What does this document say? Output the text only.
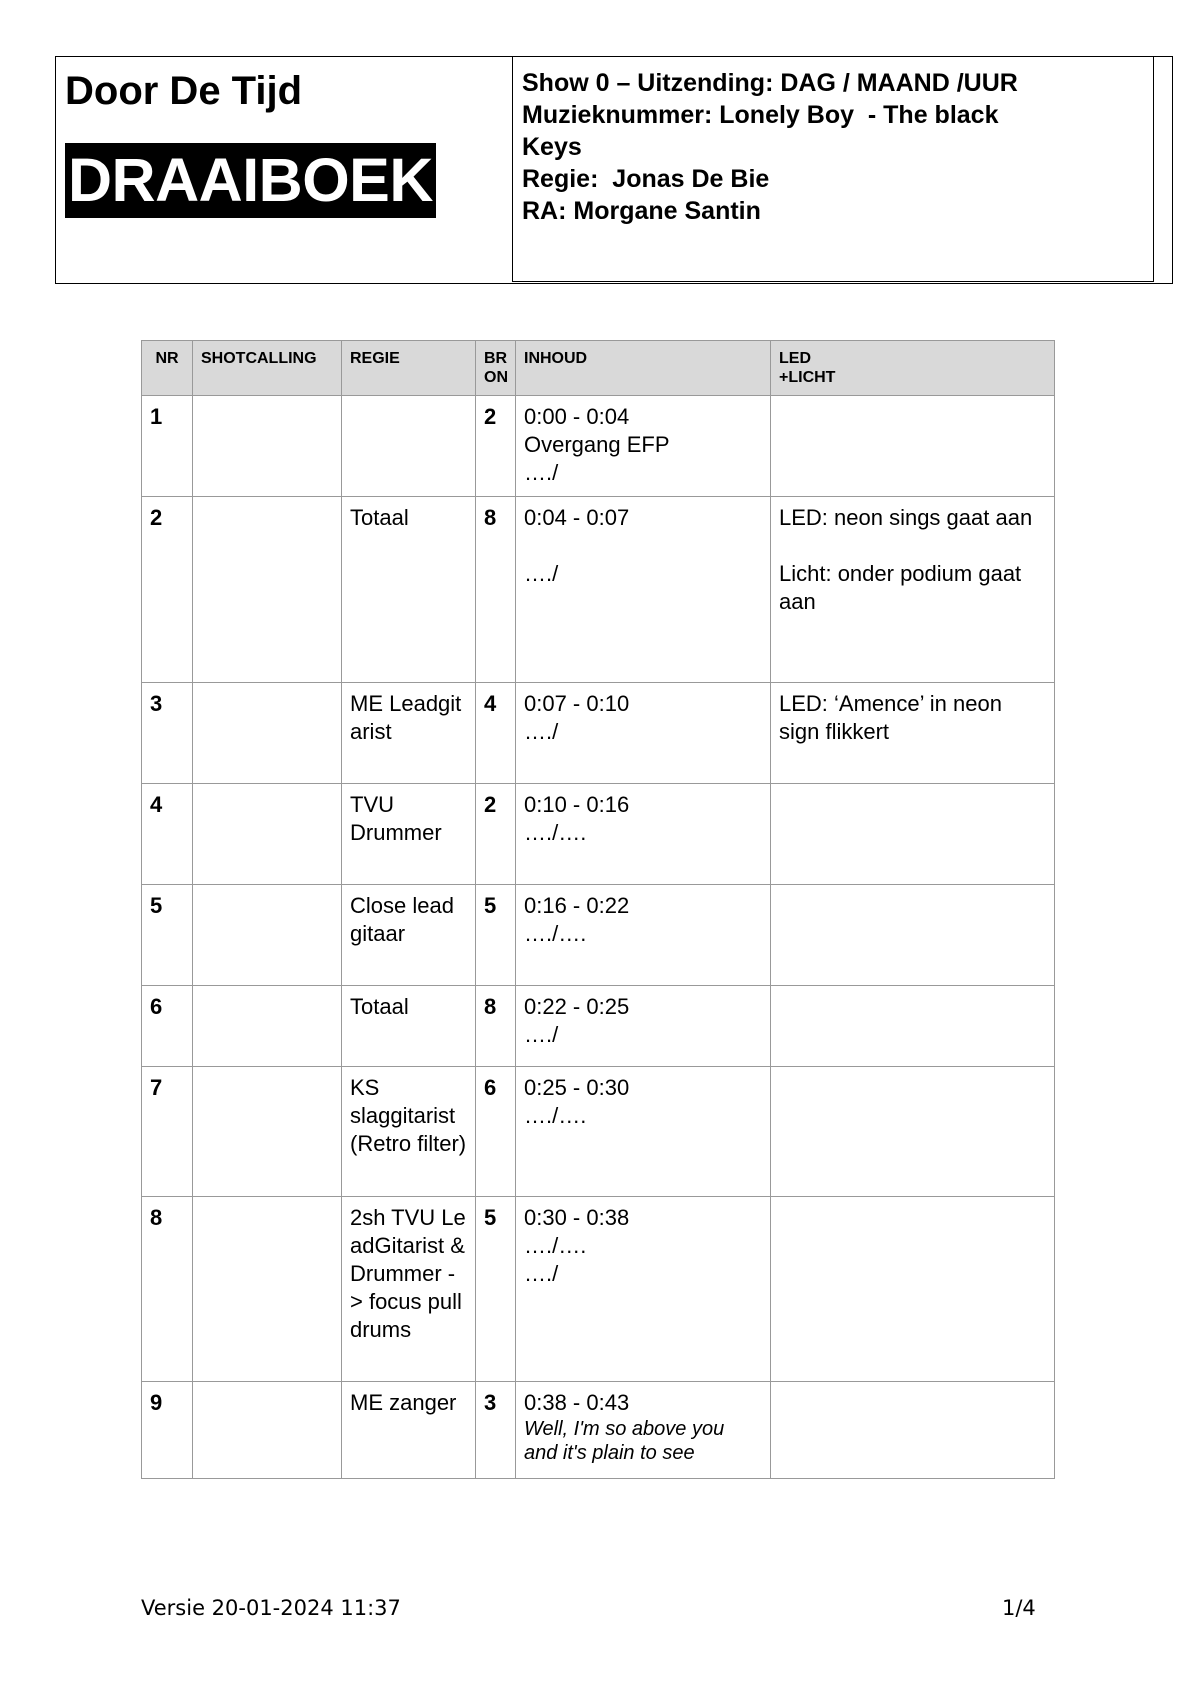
Door De Tijd
DRAAIBOEK
Show 0 – Uitzending: DAG / MAAND /UUR
Muzieknummer: Lonely Boy  - The black
Keys
Regie:  Jonas De Bie
RA: Morgane Santin
NR	SHOTCALLING	REGIE	BR
ON	INHOUD	LED
+LICHT

1			2	0:00 - 0:04
Overgang EFP
…./	

2		Totaal	8	0:04 - 0:07
…./	LED: neon sings gaat aan
Licht: onder podium gaat aan

3		ME Leadgitarist	4	0:07 - 0:10
…./	LED: ‘Amence’ in neon sign flikkert

4		TVU Drummer	2	0:10 - 0:16
…./….	

5		Close lead gitaar	5	0:16 - 0:22
…./….	

6		Totaal	8	0:22 - 0:25
…./	

7		KS slaggitarist   (Retro filter)	6	0:25 - 0:30
…./….	

8		2sh TVU LeadGitarist & Drummer -> focus pull drums	5	0:30 - 0:38
…./….
…./	

9		ME zanger	3	0:38 - 0:43
Well, I'm so above you and it's plain to see	

Versie 20-01-2024 11:37	1/4
